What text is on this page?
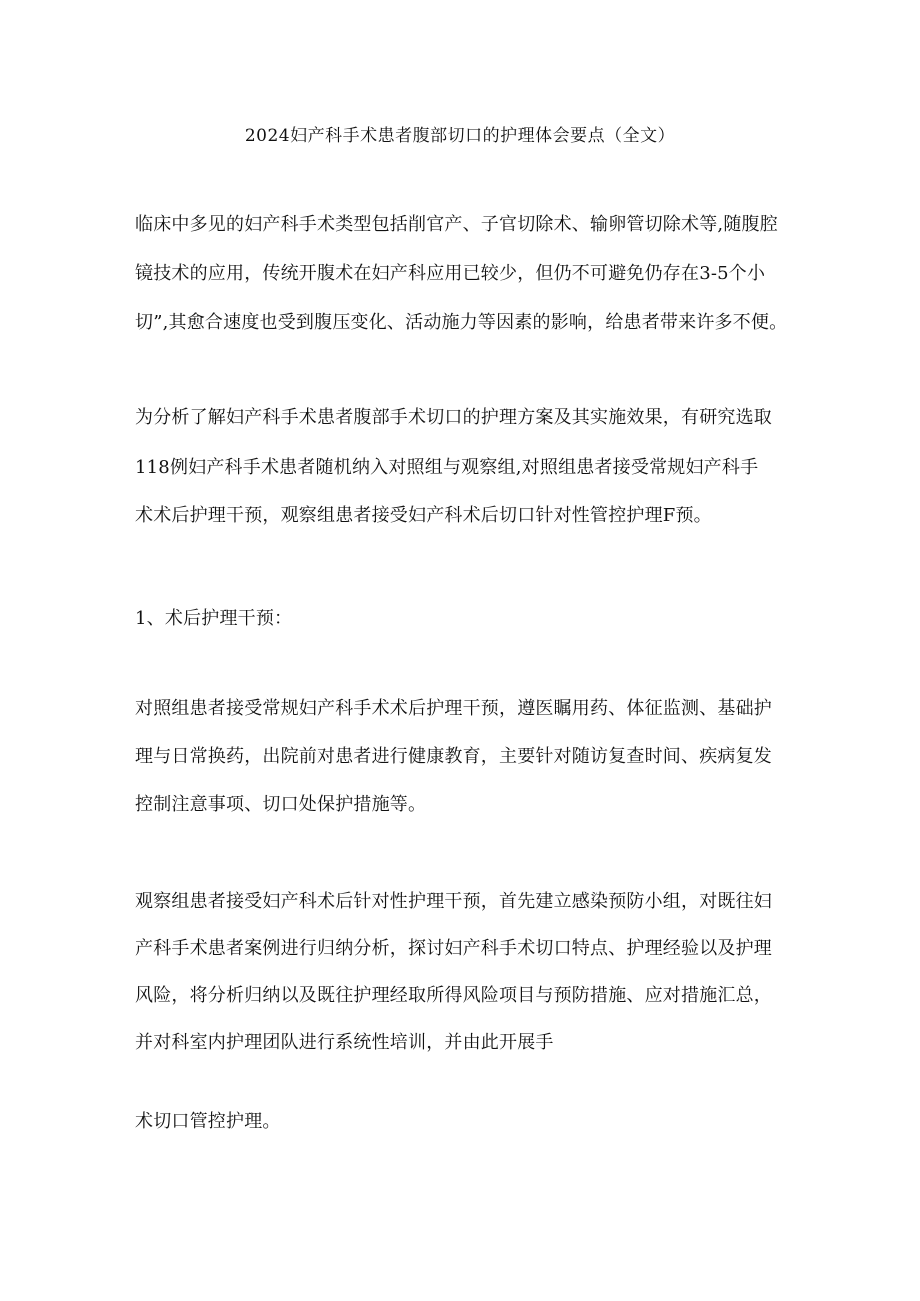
2024妇产科手术患者腹部切口的护理体会要点（全文）
临床中多见的妇产科手术类型包括削官产、子官切除术、输卵管切除术等,随腹腔
镜技术的应用，传统开腹术在妇产科应用已较少，但仍不可避免仍存在3-5个小
切”,其愈合速度也受到腹压变化、活动施力等因素的影响，给患者带来许多不便。
为分析了解妇产科手术患者腹部手术切口的护理方案及其实施效果，有研究选取
118例妇产科手术患者随机纳入对照组与观察组,对照组患者接受常规妇产科手
术术后护理干预，观察组患者接受妇产科术后切口针对性管控护理F预。
1、术后护理干预：
对照组患者接受常规妇产科手术术后护理干预，遵医瞩用药、体征监测、基础护
理与日常换药，出院前对患者进行健康教育，主要针对随访复查时间、疾病复发
控制注意事项、切口处保护措施等。
观察组患者接受妇产科术后针对性护理干预，首先建立感染预防小组，对既往妇
产科手术患者案例进行归纳分析，探讨妇产科手术切口特点、护理经验以及护理
风险，将分析归纳以及既往护理经取所得风险项目与预防措施、应对措施汇总，
并对科室内护理团队进行系统性培训，并由此开展手
术切口管控护理。
